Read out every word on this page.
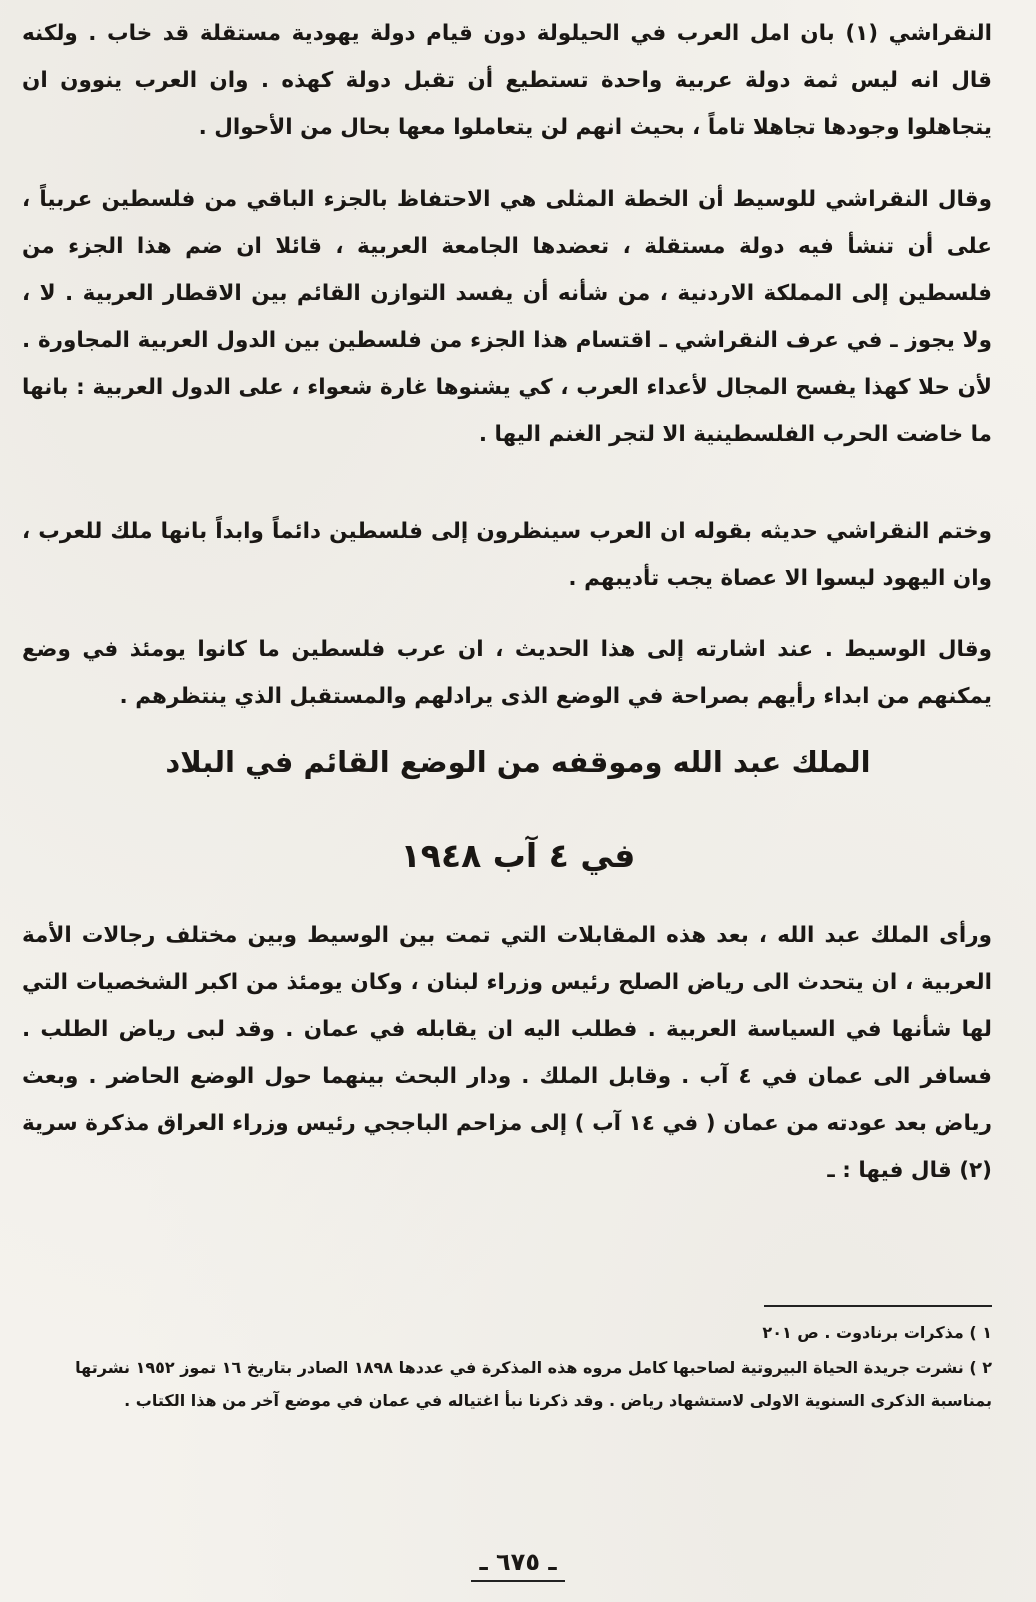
النقراشي (١) بان امل العرب في الحيلولة دون قيام دولة يهودية مستقلة قد خاب . ولكنه قال انه ليس ثمة دولة عربية واحدة تستطيع أن تقبل دولة كهذه . وان العرب ينوون ان يتجاهلوا وجودها تجاهلا تاماً ، بحيث انهم لن يتعاملوا معها بحال من الأحوال .

وقال النقراشي للوسيط أن الخطة المثلى هي الاحتفاظ بالجزء الباقي من فلسطين عربياً ، على أن تنشأ فيه دولة مستقلة ، تعضدها الجامعة العربية ، قائلا ان ضم هذا الجزء من فلسطين إلى المملكة الاردنية ، من شأنه أن يفسد التوازن القائم بين الاقطار العربية . لا ، ولا يجوز ـ في عرف النقراشي ـ اقتسام هذا الجزء من فلسطين بين الدول العربية المجاورة . لأن حلا كهذا يفسح المجال لأعداء العرب ، كي يشنوها غارة شعواء ، على الدول العربية : بانها ما خاضت الحرب الفلسطينية الا لتجر الغنم اليها .

وختم النقراشي حديثه بقوله ان العرب سينظرون إلى فلسطين دائماً وابداً بانها ملك للعرب ، وان اليهود ليسوا الا عصاة يجب تأديبهم .

وقال الوسيط . عند اشارته إلى هذا الحديث ، ان عرب فلسطين ما كانوا يومئذ في وضع يمكنهم من ابداء رأيهم بصراحة في الوضع الذى يرادلهم والمستقبل الذي ينتظرهم .

الملك عبد الله وموقفه من الوضع القائم في البلاد
في ٤ آب ١٩٤٨

ورأى الملك عبد الله ، بعد هذه المقابلات التي تمت بين الوسيط وبين مختلف رجالات الأمة العربية ، ان يتحدث الى رياض الصلح رئيس وزراء لبنان ، وكان يومئذ من اكبر الشخصيات التي لها شأنها في السياسة العربية . فطلب اليه ان يقابله في عمان . وقد لبى رياض الطلب . فسافر الى عمان في ٤ آب . وقابل الملك . ودار البحث بينهما حول الوضع الحاضر . وبعث رياض بعد عودته من عمان ( في ١٤ آب ) إلى مزاحم الباججي رئيس وزراء العراق مذكرة سرية (٢) قال فيها : ـ

١ ) مذكرات برنادوت . ص ٢٠١

٢ ) نشرت جريدة الحياة البيروتية لصاحبها كامل مروه هذه المذكرة في عددها ١٨٩٨ الصادر بتاريخ ١٦ تموز ١٩٥٢ نشرتها بمناسبة الذكرى السنوية الاولى لاستشهاد رياض . وقد ذكرنا نبأ اغتياله في عمان في موضع آخر من هذا الكتاب .

ـ ٦٧٥ ـ
